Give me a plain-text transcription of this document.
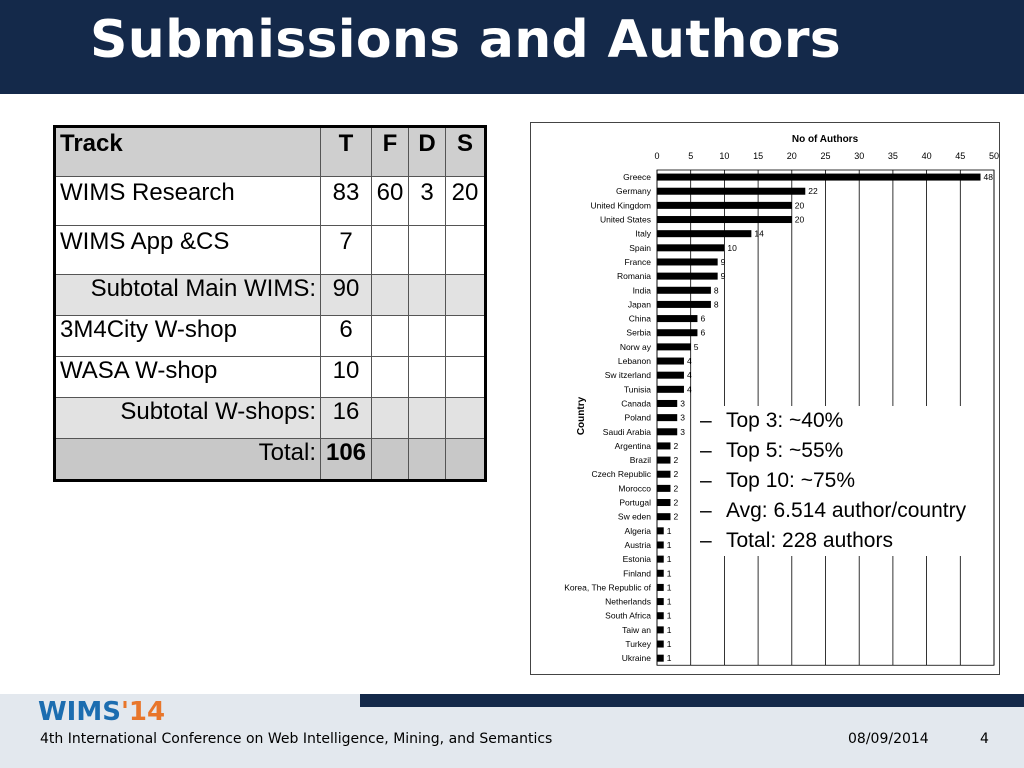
Submissions and Authors
Track	T	F	D	S
WIMS Research	83	60	3	20
WIMS App &CS	7			
Subtotal Main WIMS:	90			
3M4City W-shop	6			
WASA W-shop	10			
Subtotal W-shops:	16			
Total:	106			
No of Authors
Country
0	5	10	15	20	25	30	35	40	45	50
Greece	48
Germany	22
United Kingdom	20
United States	20
Italy	14
Spain	10
France	9
Romania	9
India	8
Japan	8
China	6
Serbia	6
Norw ay	5
Lebanon	4
Sw itzerland	4
Tunisia	4
Canada	3
Poland	3
Saudi Arabia	3
Argentina	2
Brazil	2
Czech Republic	2
Morocco	2
Portugal	2
Sw eden	2
Algeria 1
Austria 1
Estonia 1
Finland 1
Korea, The Republic of 1
Netherlands 1
South Africa 1
Taiw an 1
Turkey 1
Ukraine 1
– Top 3: ~40%
– Top 5: ~55%
– Top 10: ~75%
– Avg: 6.514 author/country
– Total: 228 authors
WIMS'14
4th International Conference on Web Intelligence, Mining, and Semantics	08/09/2014	4
